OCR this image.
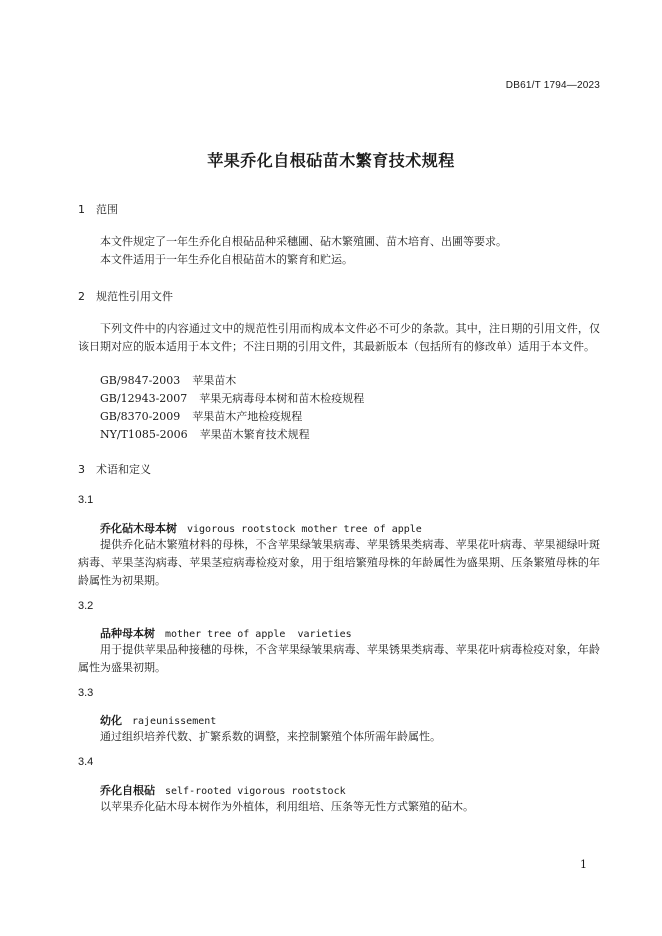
DB61/T 1794—2023
苹果乔化自根砧苗木繁育技术规程
1 范围
本文件规定了一年生乔化自根砧品种采穗圃、砧木繁殖圃、苗木培育、出圃等要求。
本文件适用于一年生乔化自根砧苗木的繁育和贮运。
2 规范性引用文件
下列文件中的内容通过文中的规范性引用而构成本文件必不可少的条款。其中，注日期的引用文件，仅该日期对应的版本适用于本文件；不注日期的引用文件，其最新版本（包括所有的修改单）适用于本文件。
GB/9847-2003 苹果苗木
GB/12943-2007 苹果无病毒母本树和苗木检疫规程
GB/8370-2009 苹果苗木产地检疫规程
NY/T1085-2006 苹果苗木繁育技术规程
3 术语和定义
3.1
乔化砧木母本树 vigorous rootstock mother tree of apple
提供乔化砧木繁殖材料的母株，不含苹果绿皱果病毒、苹果锈果类病毒、苹果花叶病毒、苹果褪绿叶斑病毒、苹果茎沟病毒、苹果茎痘病毒检疫对象，用于组培繁殖母株的年龄属性为盛果期、压条繁殖母株的年龄属性为初果期。
3.2
品种母本树 mother tree of apple  varieties
用于提供苹果品种接穗的母株，不含苹果绿皱果病毒、苹果锈果类病毒、苹果花叶病毒检疫对象，年龄属性为盛果初期。
3.3
幼化 rajeunissement
通过组织培养代数、扩繁系数的调整，来控制繁殖个体所需年龄属性。
3.4
乔化自根砧 self-rooted vigorous rootstock
以苹果乔化砧木母本树作为外植体，利用组培、压条等无性方式繁殖的砧木。
1
